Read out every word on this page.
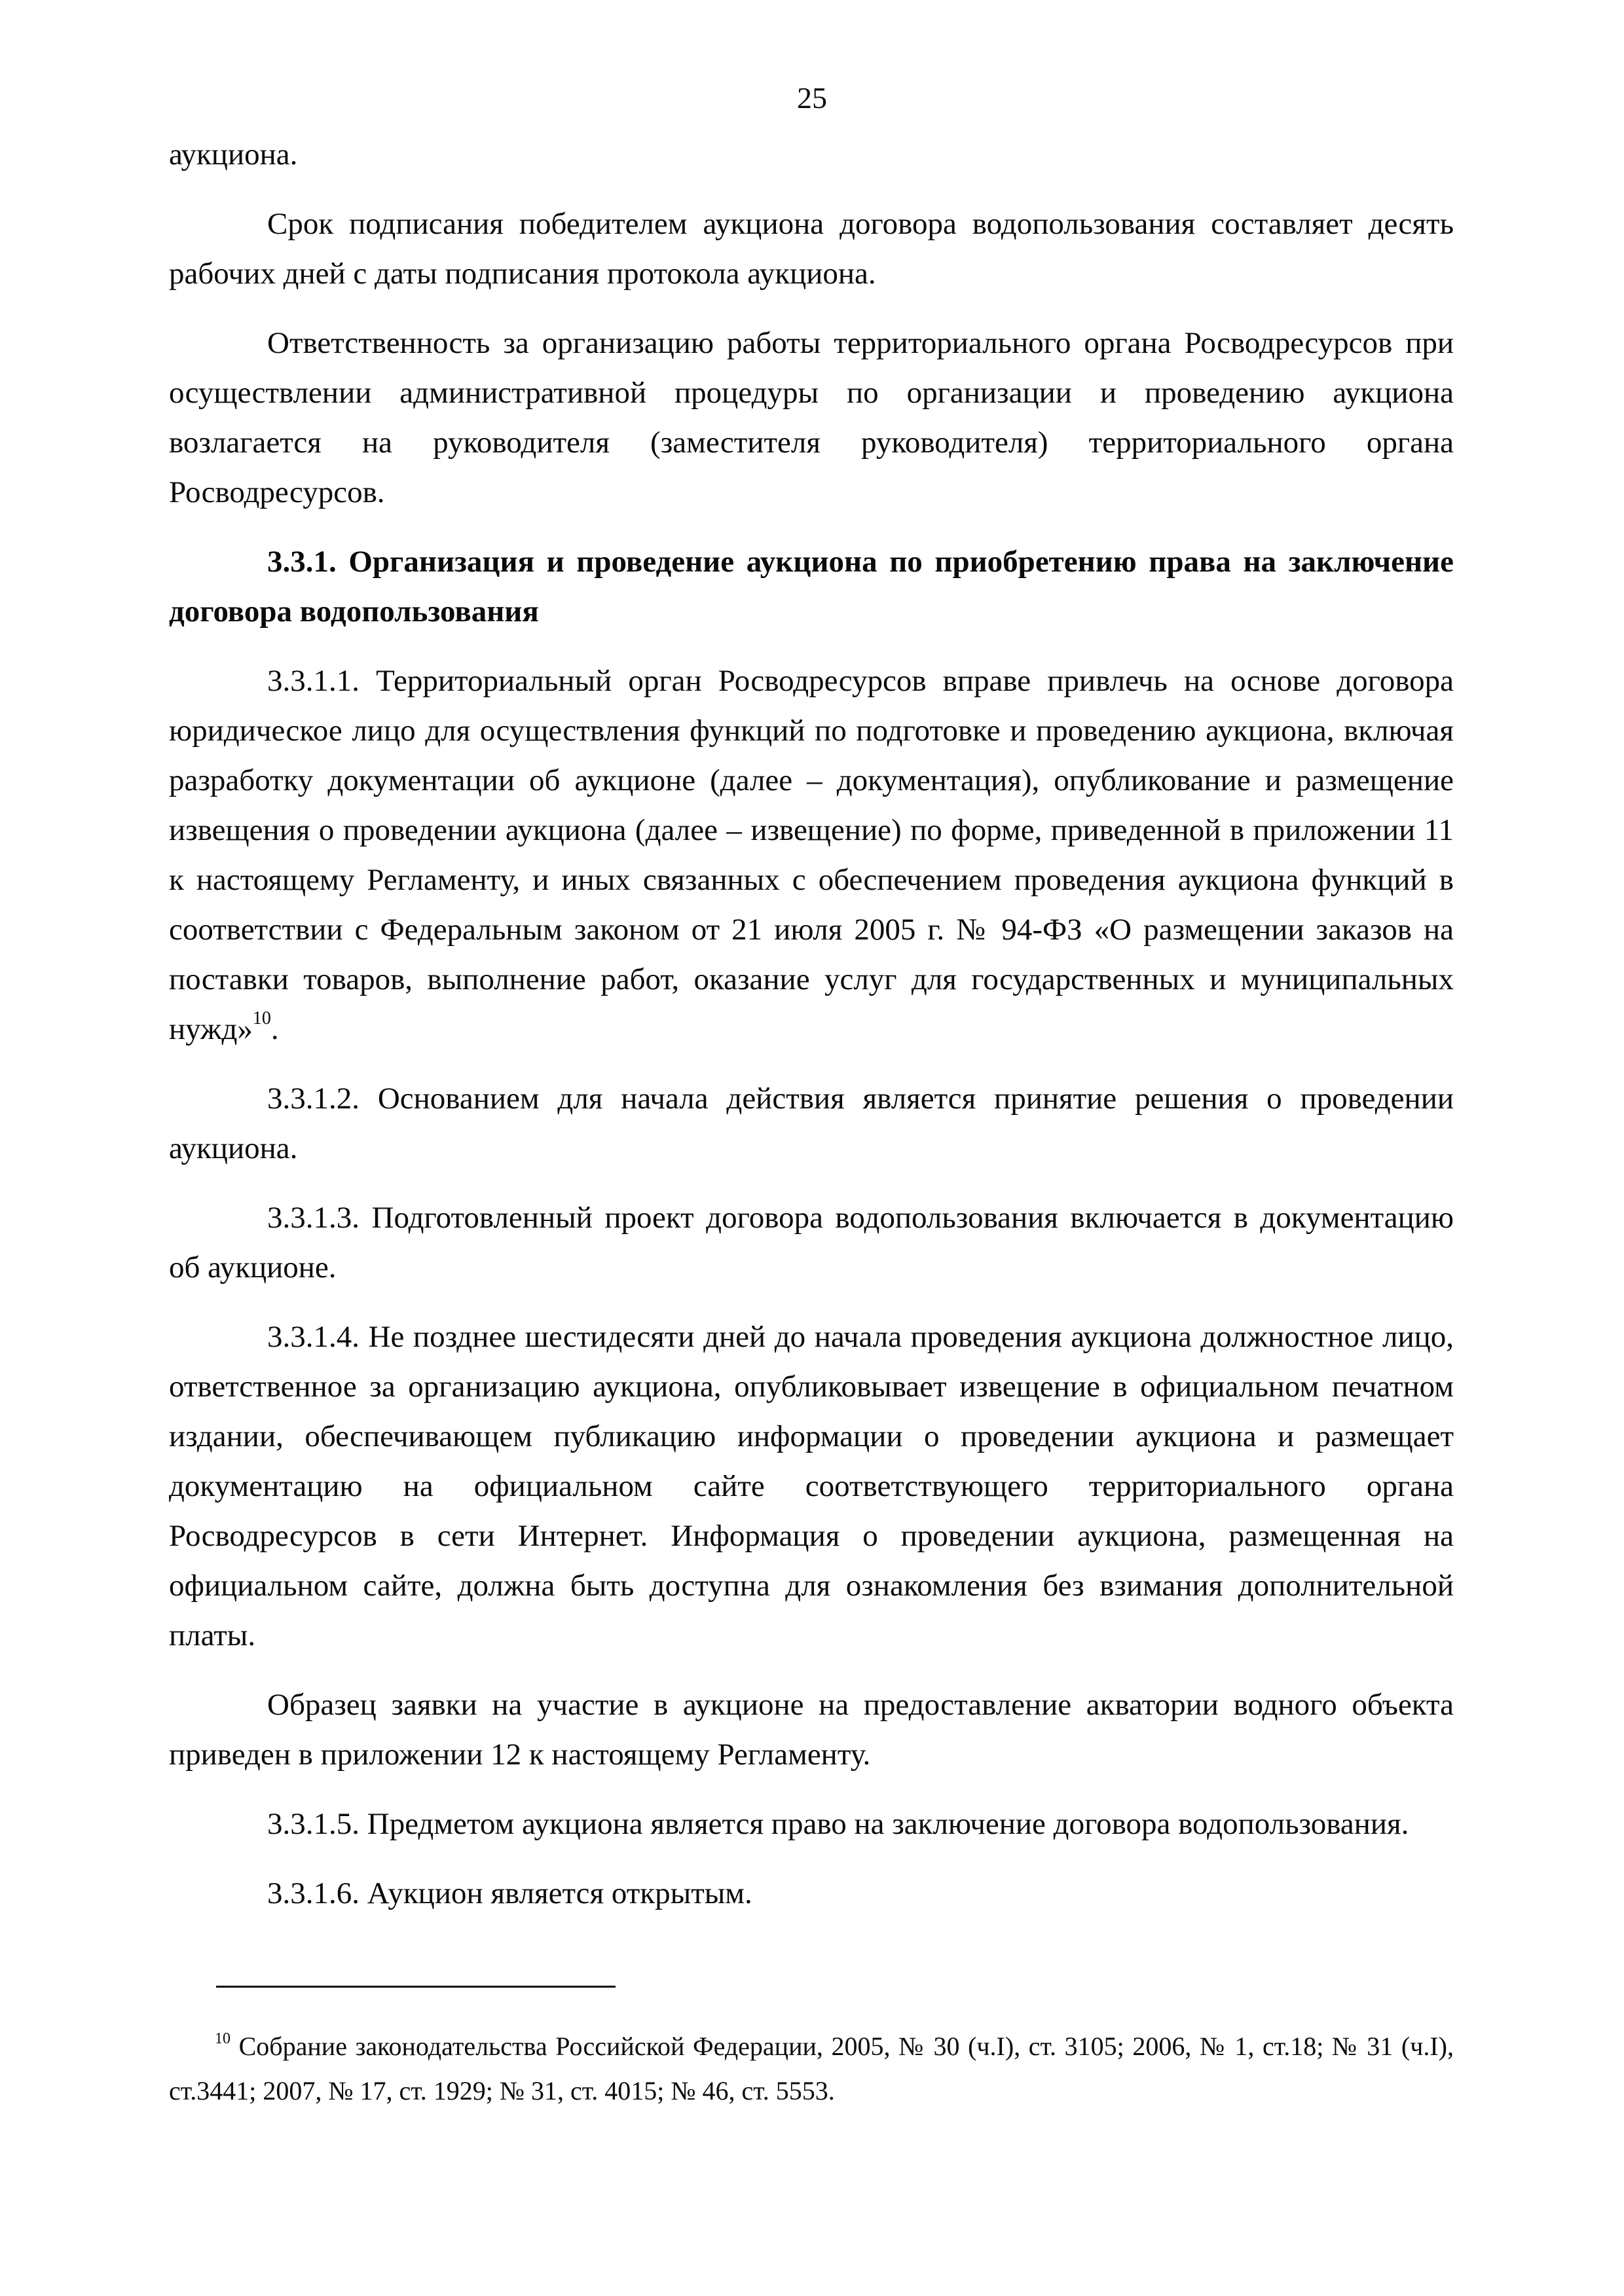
25

аукциона.

Срок подписания победителем аукциона договора водопользования составляет десять рабочих дней с даты подписания протокола аукциона.

Ответственность за организацию работы территориального органа Росводресурсов при осуществлении административной процедуры по организации и проведению аукциона возлагается на руководителя (заместителя руководителя) территориального органа Росводресурсов.

3.3.1. Организация и проведение аукциона по приобретению права на заключение договора водопользования

3.3.1.1. Территориальный орган Росводресурсов вправе привлечь на основе договора юридическое лицо для осуществления функций по подготовке и проведению аукциона, включая разработку документации об аукционе (далее – документация), опубликование и размещение извещения о проведении аукциона (далее – извещение) по форме, приведенной в приложении 11 к настоящему Регламенту, и иных связанных с обеспечением проведения аукциона функций в соответствии с Федеральным законом от 21 июля 2005 г. № 94-ФЗ «О размещении заказов на поставки товаров, выполнение работ, оказание услуг для государственных и муниципальных нужд»$^{10}$.

3.3.1.2. Основанием для начала действия является принятие решения о проведении аукциона.

3.3.1.3. Подготовленный проект договора водопользования включается в документацию об аукционе.

3.3.1.4. Не позднее шестидесяти дней до начала проведения аукциона должностное лицо, ответственное за организацию аукциона, опубликовывает извещение в официальном печатном издании, обеспечивающем публикацию информации о проведении аукциона и размещает документацию на официальном сайте соответствующего территориального органа Росводресурсов в сети Интернет. Информация о проведении аукциона, размещенная на официальном сайте, должна быть доступна для ознакомления без взимания дополнительной платы.

Образец заявки на участие в аукционе на предоставление акватории водного объекта приведен в приложении 12 к настоящему Регламенту.

3.3.1.5. Предметом аукциона является право на заключение договора водопользования.

3.3.1.6. Аукцион является открытым.

$^{10}$ Собрание законодательства Российской Федерации, 2005, № 30 (ч.I), ст. 3105; 2006, № 1, ст.18; № 31 (ч.I), ст.3441; 2007, № 17, ст. 1929; № 31, ст. 4015; № 46, ст. 5553.
